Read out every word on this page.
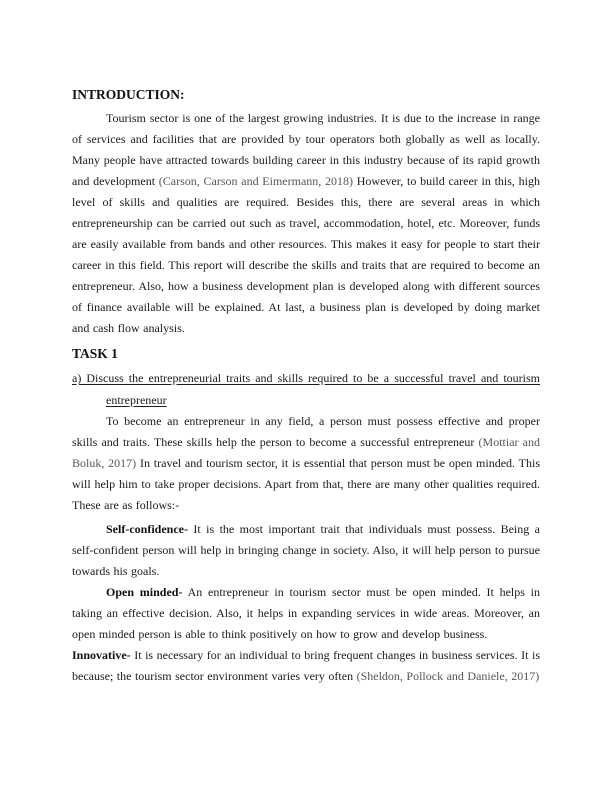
INTRODUCTION:

Tourism sector is one of the largest growing industries. It is due to the increase in range of services and facilities that are provided by tour operators both globally as well as locally. Many people have attracted towards building career in this industry because of its rapid growth and development (Carson, Carson and Eimermann, 2018) However, to build career in this, high level of skills and qualities are required. Besides this, there are several areas in which entrepreneurship can be carried out such as travel, accommodation, hotel, etc. Moreover, funds are easily available from bands and other resources. This makes it easy for people to start their career in this field. This report will describe the skills and traits that are required to become an entrepreneur. Also, how a business development plan is developed along with different sources of finance available will be explained. At last, a business plan is developed by doing market and cash flow analysis.

TASK 1

a) Discuss the entrepreneurial traits and skills required to be a successful travel and tourism entrepreneur

To become an entrepreneur in any field, a person must possess effective and proper skills and traits. These skills help the person to become a successful entrepreneur (Mottiar and Boluk, 2017) In travel and tourism sector, it is essential that person must be open minded. This will help him to take proper decisions. Apart from that, there are many other qualities required. These are as follows:-

Self-confidence- It is the most important trait that individuals must possess. Being a self-confident person will help in bringing change in society. Also, it will help person to pursue towards his goals.

Open minded- An entrepreneur in tourism sector must be open minded. It helps in taking an effective decision. Also, it helps in expanding services in wide areas. Moreover, an open minded person is able to think positively on how to grow and develop business.

Innovative- It is necessary for an individual to bring frequent changes in business services. It is because; the tourism sector environment varies very often (Sheldon, Pollock and Daniele, 2017)
